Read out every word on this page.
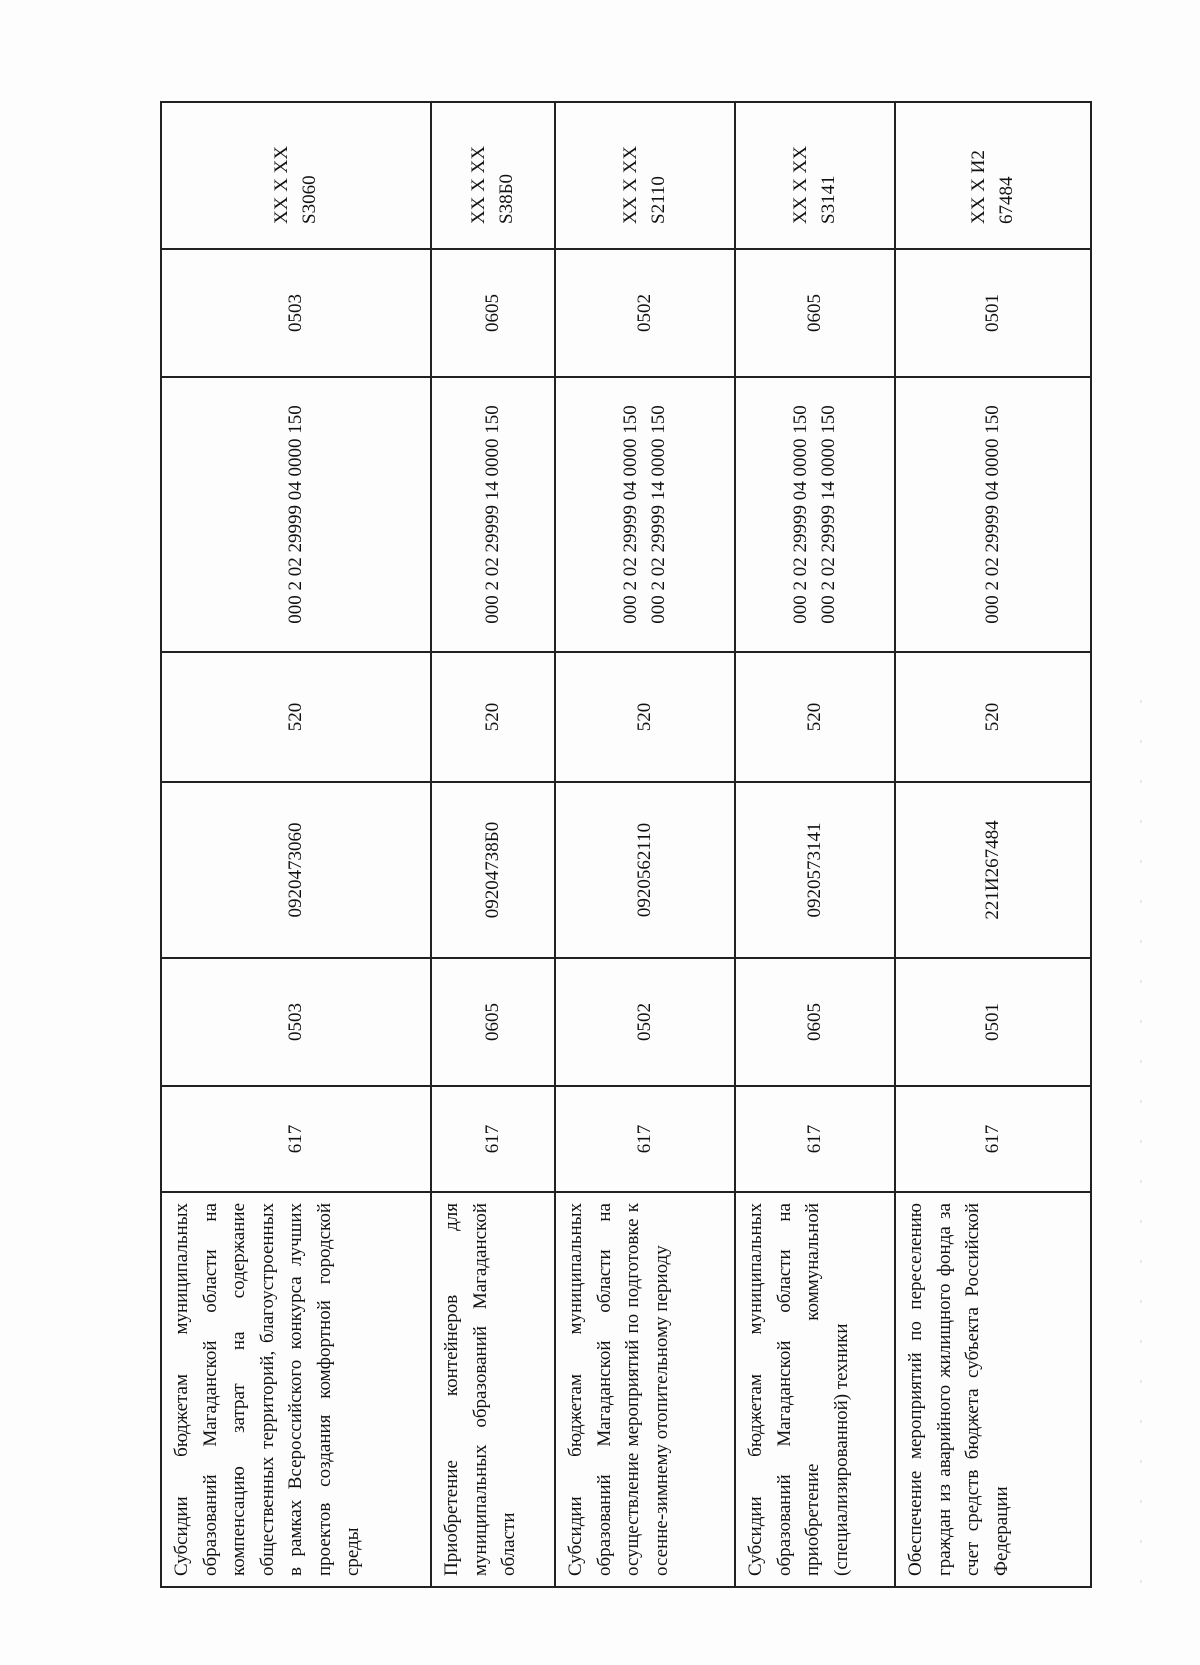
Субсидии бюджетам муниципальных образований Магаданской области на компенсацию затрат на содержание общественных территорий, благоустроенных в рамках Всероссийского конкурса лучших проектов создания комфортной городской среды	617	0503	0920473060	520	000 2 02 29999 04 0000 150	0503	XX X XX S3060
Приобретение контейнеров для муниципальных образований Магаданской области	617	0605	092047З8Б0	520	000 2 02 29999 14 0000 150	0605	XX X XX S38Б0
Субсидии бюджетам муниципальных образований Магаданской области на осуществление мероприятий по подготовке к осенне-зимнему отопительному периоду	617	0502	0920562110	520	000 2 02 29999 04 0000 150 000 2 02 29999 14 0000 150	0502	XX X XX S2110
Субсидии бюджетам муниципальных образований Магаданской области на приобретение коммунальной (специализированной) техники	617	0605	0920573141	520	000 2 02 29999 04 0000 150 000 2 02 29999 14 0000 150	0605	XX X XX S3141
Обеспечение мероприятий по переселению граждан из аварийного жилищного фонда за счет средств бюджета субъекта Российской Федерации	617	0501	221И267484	520	000 2 02 29999 04 0000 150	0501	XX X И2 67484
